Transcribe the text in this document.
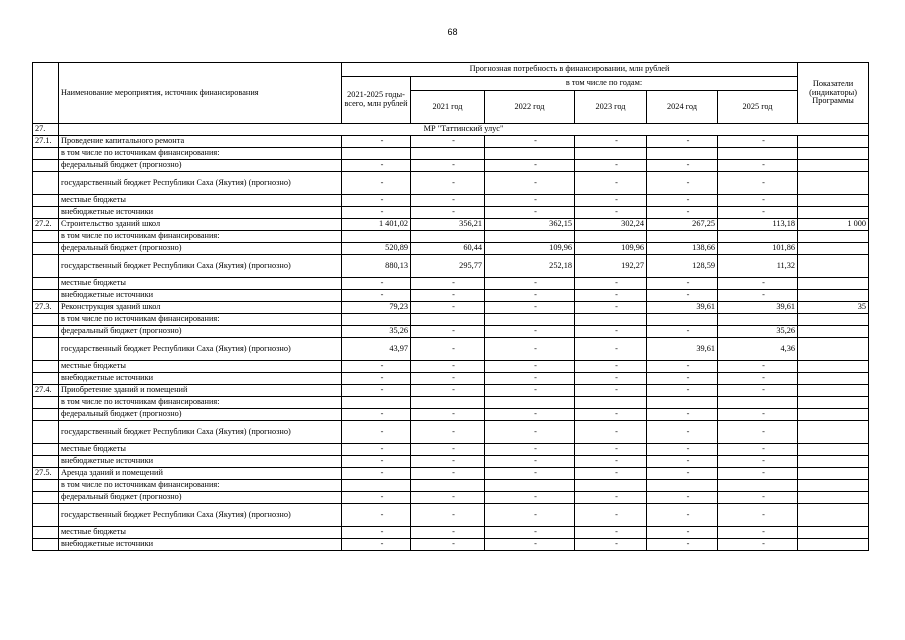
68
	Наименование мероприятия, источник финансирования	Прогнозная потребность в финансировании, млн рублей						Показатели (индикаторы) Программы
		2021-2025 годы- всего, млн рублей	в том числе по годам:					
			2021 год	2022 год	2023 год	2024 год	2025 год	
27.	МР "Таттинский улус"							
27.1.	Проведение капитального ремонта	-	-	-	-	-	-	
	в том числе по источникам финансирования:							
	федеральный бюджет (прогнозно)	-	-	-	-	-	-	
	государственный бюджет Республики Саха (Якутия) (прогнозно)	-	-	-	-	-	-	
	местные бюджеты	-	-	-	-	-	-	
	внебюджетные источники	-	-	-	-	-	-	
27.2.	Строительство зданий школ	1 401,02	356,21	362,15	302,24	267,25	113,18	1 000
	в том числе по источникам финансирования:							
	федеральный бюджет (прогнозно)	520,89	60,44	109,96	109,96	138,66	101,86	
	государственный бюджет Республики Саха (Якутия) (прогнозно)	880,13	295,77	252,18	192,27	128,59	11,32	
	местные бюджеты	-	-	-	-	-	-	
	внебюджетные источники	-	-	-	-	-	-	
27.3.	Реконструкция зданий школ	79,23	-	-	-	39,61	39,61	35
	в том числе по источникам финансирования:							
	федеральный бюджет (прогнозно)	35,26	-	-	-	-	35,26	
	государственный бюджет Республики Саха (Якутия) (прогнозно)	43,97	-	-	-	39,61	4,36	
	местные бюджеты	-	-	-	-	-	-	
	внебюджетные источники	-	-	-	-	-	-	
27.4.	Приобретение зданий и помещений	-	-	-	-	-	-	
	в том числе по источникам финансирования:							
	федеральный бюджет (прогнозно)	-	-	-	-	-	-	
	государственный бюджет Республики Саха (Якутия) (прогнозно)	-	-	-	-	-	-	
	местные бюджеты	-	-	-	-	-	-	
	внебюджетные источники	-	-	-	-	-	-	
27.5.	Аренда зданий и помещений	-	-	-	-	-	-	
	в том числе по источникам финансирования:							
	федеральный бюджет (прогнозно)	-	-	-	-	-	-	
	государственный бюджет Республики Саха (Якутия) (прогнозно)	-	-	-	-	-	-	
	местные бюджеты	-	-	-	-	-	-	
	внебюджетные источники	-	-	-	-	-	-	
